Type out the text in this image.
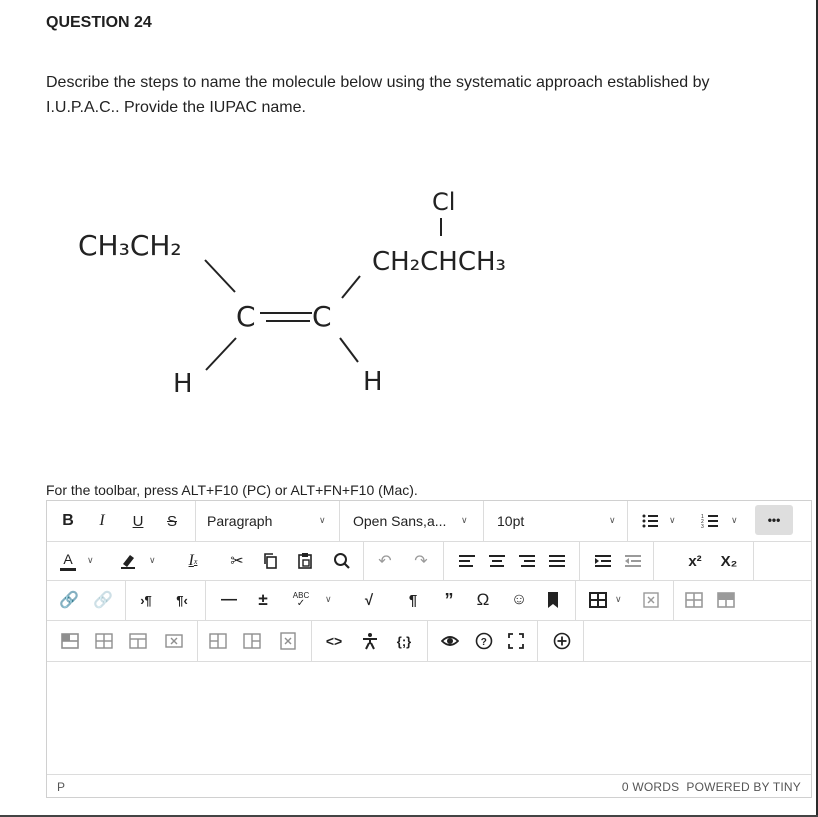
QUESTION 24
Describe the steps to name the molecule below using the systematic approach established by I.U.P.A.C.. Provide the IUPAC name.
CH₃CH₂	CH₂CHCH₃
Cl
C C
H	H
For the toolbar, press ALT+F10 (PC) or ALT+FN+F10 (Mac).
B	I	U S Paragraph	∨ Open Sans,a... ∨ 10pt	∨	∨	1
2
3
∨	•••
A ∨	∨	I x ✂	↶ ↷	x²	X₂
🔗 🔗	›¶	¶‹	—	±	ABC
✓ ∨	√	¶	”	Ω ☺	∨
<>	{;}	?
P	0 WORDS POWERED BY TINY
